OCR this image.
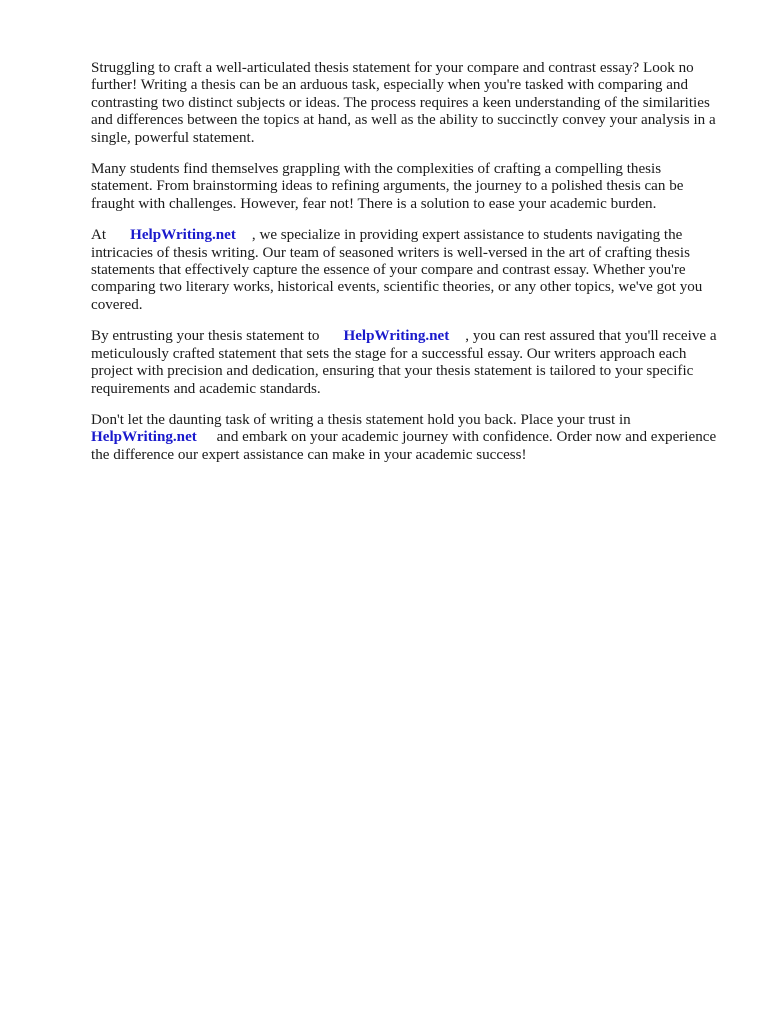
Struggling to craft a well-articulated thesis statement for your compare and contrast essay? Look no further! Writing a thesis can be an arduous task, especially when you're tasked with comparing and contrasting two distinct subjects or ideas. The process requires a keen understanding of the similarities and differences between the topics at hand, as well as the ability to succinctly convey your analysis in a single, powerful statement.

Many students find themselves grappling with the complexities of crafting a compelling thesis statement. From brainstorming ideas to refining arguments, the journey to a polished thesis can be fraught with challenges. However, fear not! There is a solution to ease your academic burden.

At HelpWriting.net , we specialize in providing expert assistance to students navigating the intricacies of thesis writing. Our team of seasoned writers is well-versed in the art of crafting thesis statements that effectively capture the essence of your compare and contrast essay. Whether you're comparing two literary works, historical events, scientific theories, or any other topics, we've got you covered.

By entrusting your thesis statement to HelpWriting.net , you can rest assured that you'll receive a meticulously crafted statement that sets the stage for a successful essay. Our writers approach each project with precision and dedication, ensuring that your thesis statement is tailored to your specific requirements and academic standards.

Don't let the daunting task of writing a thesis statement hold you back. Place your trust in HelpWriting.net and embark on your academic journey with confidence. Order now and experience the difference our expert assistance can make in your academic success!
